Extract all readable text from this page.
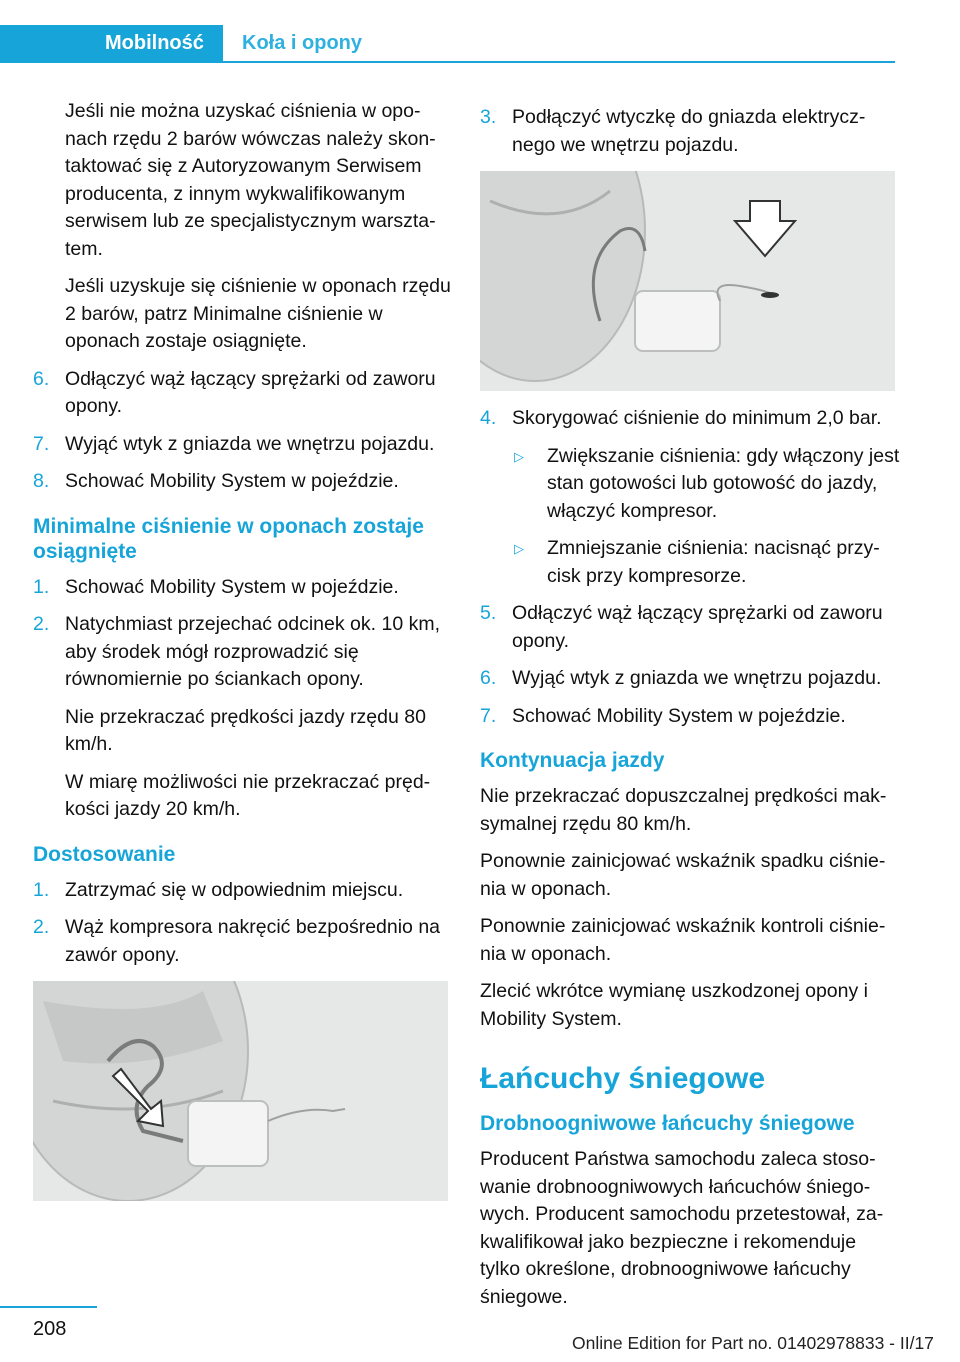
Mobilność Koła i opony

Jeśli nie można uzyskać ciśnienia w opo‐nach rzędu 2 barów wówczas należy skon‐taktować się z Autoryzowanym Serwisem producenta, z innym wykwalifikowanym serwisem lub ze specjalistycznym warszta‐tem.

Jeśli uzyskuje się ciśnienie w oponach rzędu 2 barów, patrz Minimalne ciśnienie w oponach zostaje osiągnięte.

6. Odłączyć wąż łączący sprężarki od zaworu opony.
7. Wyjąć wtyk z gniazda we wnętrzu pojazdu.
8. Schować Mobility System w pojeździe.
Minimalne ciśnienie w oponach zostaje osiągnięte
1. Schować Mobility System w pojeździe.
2. Natychmiast przejechać odcinek ok. 10 km, aby środek mógł rozprowadzić się równomiernie po ściankach opony.

Nie przekraczać prędkości jazdy rzędu 80 km/h.

W miarę możliwości nie przekraczać pręd‐kości jazdy 20 km/h.

Dostosowanie
1. Zatrzymać się w odpowiednim miejscu.
2. Wąż kompresora nakręcić bezpośrednio na zawór opony.
3. Podłączyć wtyczkę do gniazda elektrycz‐nego we wnętrzu pojazdu.
4. Skorygować ciśnienie do minimum 2,0 bar.
▷ Zwiększanie ciśnienia: gdy włączony jest stan gotowości lub gotowość do jazdy, włączyć kompresor.
▷ Zmniejszanie ciśnienia: nacisnąć przy‐cisk przy kompresorze.
5. Odłączyć wąż łączący sprężarki od zaworu opony.
6. Wyjąć wtyk z gniazda we wnętrzu pojazdu.
7. Schować Mobility System w pojeździe.
Kontynuacja jazdy

Nie przekraczać dopuszczalnej prędkości mak‐symalnej rzędu 80 km/h.

Ponownie zainicjować wskaźnik spadku ciśnie‐nia w oponach.

Ponownie zainicjować wskaźnik kontroli ciśnie‐nia w oponach.

Zlecić wkrótce wymianę uszkodzonej opony i Mobility System.

Łańcuchy śniegowe
Drobnoogniwowe łańcuchy śniegowe

Producent Państwa samochodu zaleca stoso‐wanie drobnoogniwowych łańcuchów śniego‐wych. Producent samochodu przetestował, za‐kwalifikował jako bezpieczne i rekomenduje tylko określone, drobnoogniwowe łańcuchy śniegowe.

208
Online Edition for Part no. 01402978833 - II/17
